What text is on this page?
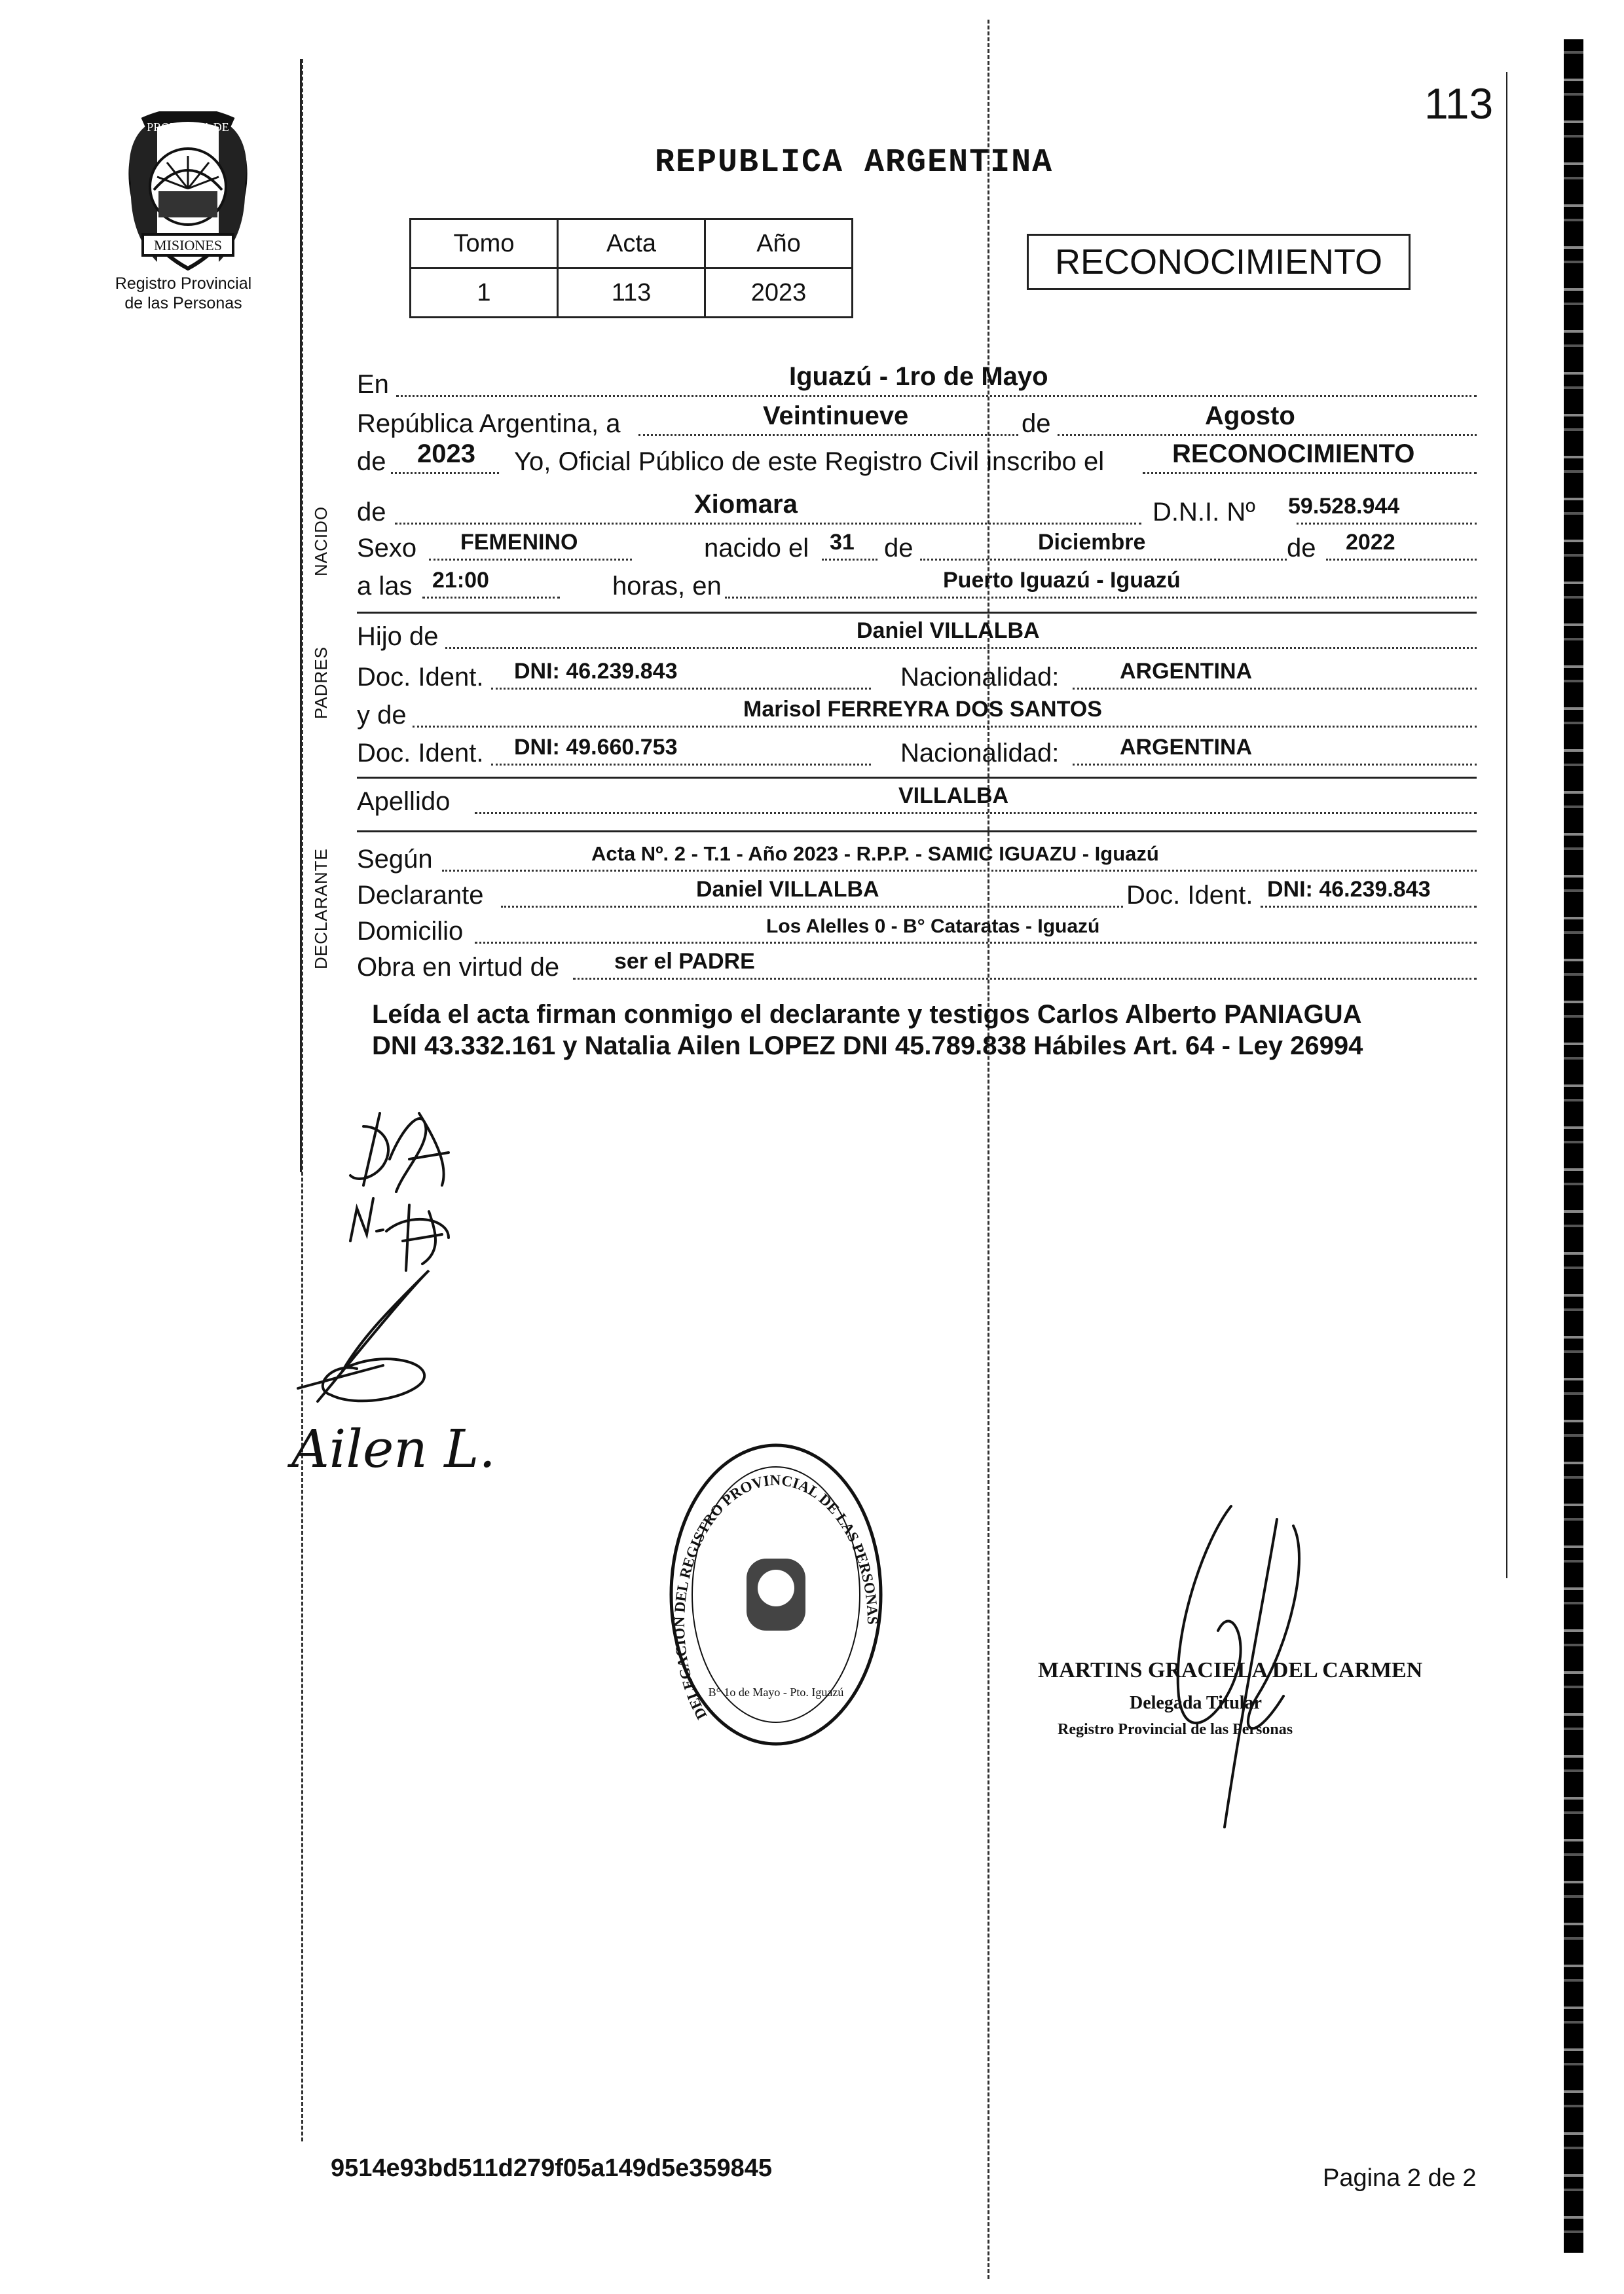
PROVINCIA DE
MISIONES
Registro Provincial
de las Personas
113
REPUBLICA ARGENTINA
Tomo	Acta	Año
1	113	2023
RECONOCIMIENTO
En	Iguazú - 1ro de Mayo
República Argentina, a	Veintinueve	de	Agosto
de 2023 Yo, Oficial Público de este Registro Civil inscribo el	RECONOCIMIENTO
de	Xiomara	D.N.I. Nº 59.528.944
Sexo FEMENINO	nacido el 31 de	Diciembre	de 2022
a las 21:00	horas, en	Puerto Iguazú - Iguazú
Hijo de	Daniel VILLALBA
Doc. Ident. DNI: 46.239.843	Nacionalidad:	ARGENTINA
y de	Marisol FERREYRA DOS SANTOS
Doc. Ident. DNI: 49.660.753	Nacionalidad:	ARGENTINA
Apellido	VILLALBA
Según	Acta Nº. 2 - T.1 - Año 2023 - R.P.P. - SAMIC IGUAZU - Iguazú
Declarante	Daniel VILLALBA	Doc. Ident. DNI: 46.239.843
Domicilio	Los Alelles 0 - B° Cataratas - Iguazú
Obra en virtud de ser el PADRE
NACIDO
PADRES
DECLARANTE
Leída el acta firman conmigo el declarante y testigos Carlos Alberto PANIAGUA
DNI 43.332.161 y Natalia Ailen LOPEZ DNI 45.789.838 Hábiles Art. 64 - Ley 26994
Ailen L.
DELEGACION DEL REGISTRO PROVINCIAL DE LAS PERSONAS
B° 1o de Mayo - Pto. Iguazú
MARTINS GRACIELA DEL CARMEN
Delegada Titular
Registro Provincial de las Personas
9514e93bd511d279f05a149d5e359845	Pagina 2 de 2
